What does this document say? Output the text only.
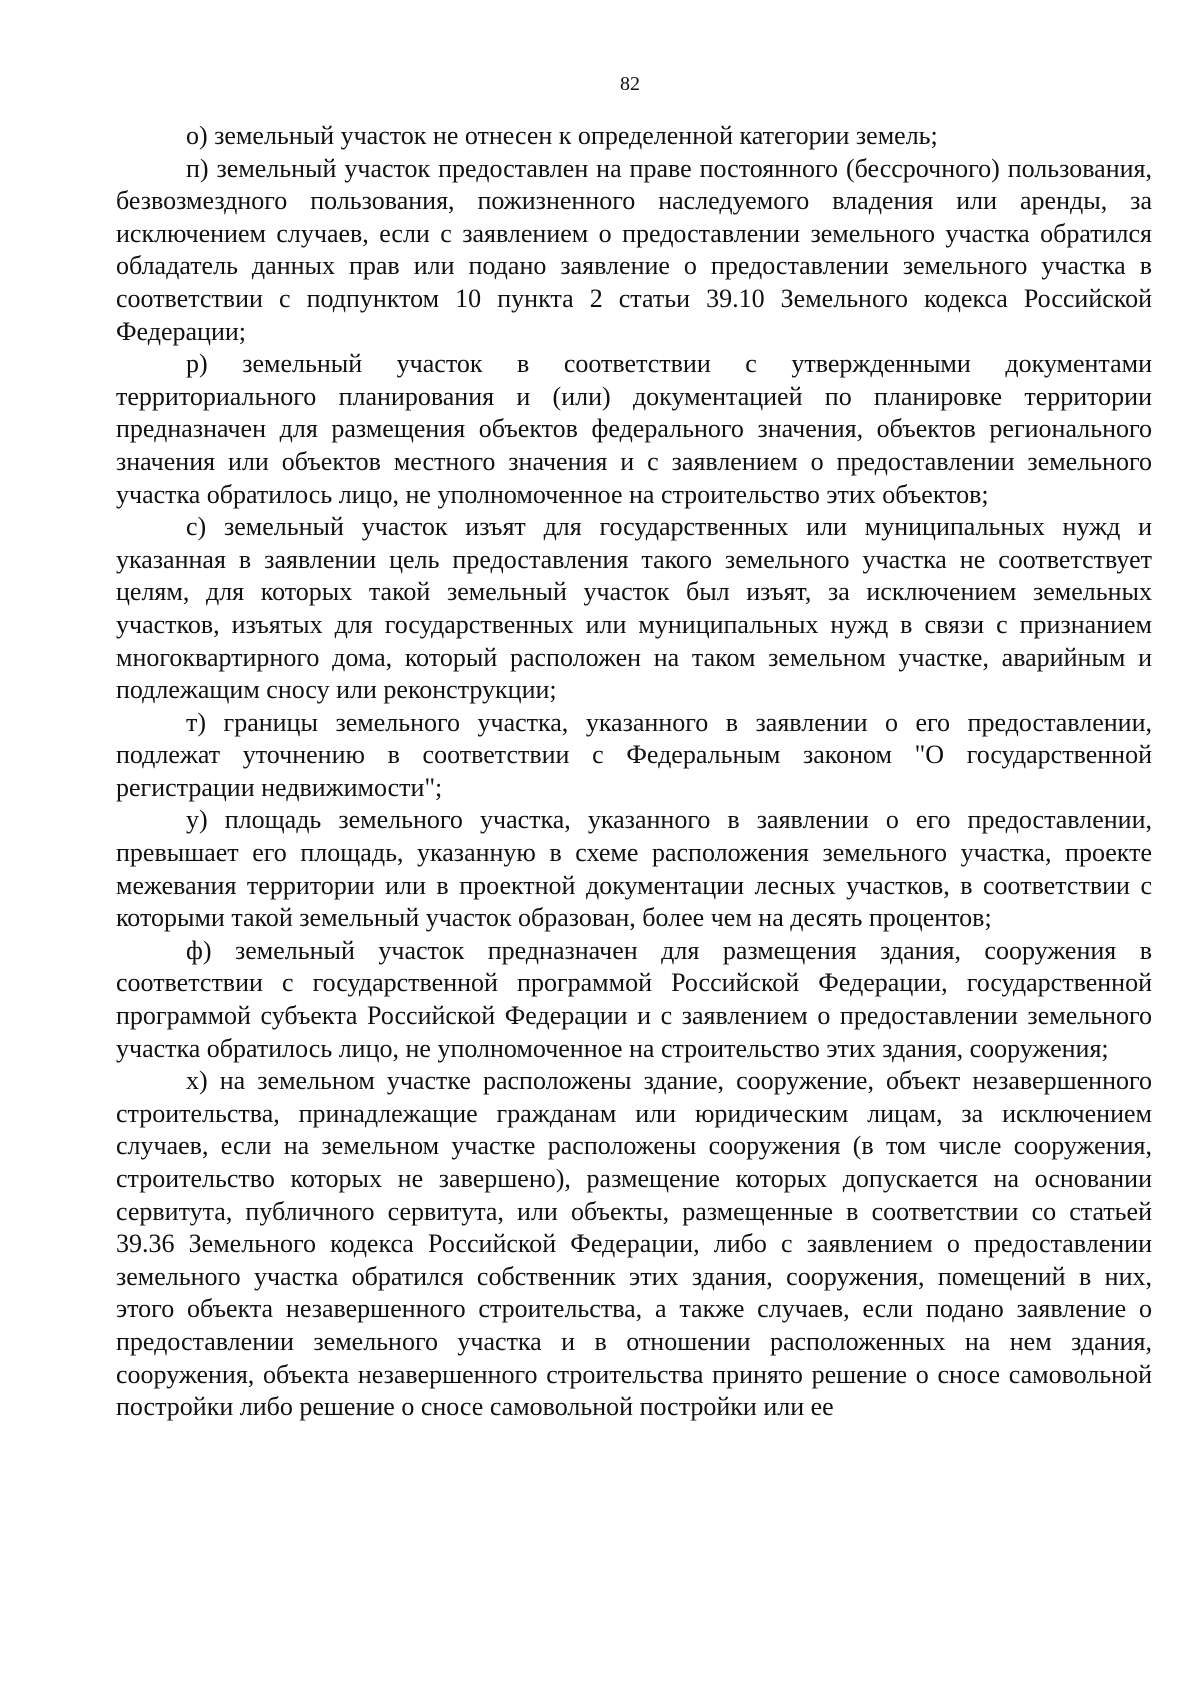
82

о) земельный участок не отнесен к определенной категории земель;

п) земельный участок предоставлен на праве постоянного (бессрочного) пользования, безвозмездного пользования, пожизненного наследуемого владения или аренды, за исключением случаев, если с заявлением о предоставлении земельного участка обратился обладатель данных прав или подано заявление о предоставлении земельного участка в соответствии с подпунктом 10 пункта 2 статьи 39.10 Земельного кодекса Российской Федерации;

р) земельный участок в соответствии с утвержденными документами территориального планирования и (или) документацией по планировке территории предназначен для размещения объектов федерального значения, объектов регионального значения или объектов местного значения и с заявлением о предоставлении земельного участка обратилось лицо, не уполномоченное на строительство этих объектов;

с) земельный участок изъят для государственных или муниципальных нужд и указанная в заявлении цель предоставления такого земельного участка не соответствует целям, для которых такой земельный участок был изъят, за исключением земельных участков, изъятых для государственных или муниципальных нужд в связи с признанием многоквартирного дома, который расположен на таком земельном участке, аварийным и подлежащим сносу или реконструкции;

т) границы земельного участка, указанного в заявлении о его предоставлении, подлежат уточнению в соответствии с Федеральным законом "О государственной регистрации недвижимости";

у) площадь земельного участка, указанного в заявлении о его предоставлении, превышает его площадь, указанную в схеме расположения земельного участка, проекте межевания территории или в проектной документации лесных участков, в соответствии с которыми такой земельный участок образован, более чем на десять процентов;

ф) земельный участок предназначен для размещения здания, сооружения в соответствии с государственной программой Российской Федерации, государственной программой субъекта Российской Федерации и с заявлением о предоставлении земельного участка обратилось лицо, не уполномоченное на строительство этих здания, сооружения;

х) на земельном участке расположены здание, сооружение, объект незавершенного строительства, принадлежащие гражданам или юридическим лицам, за исключением случаев, если на земельном участке расположены сооружения (в том числе сооружения, строительство которых не завершено), размещение которых допускается на основании сервитута, публичного сервитута, или объекты, размещенные в соответствии со статьей 39.36 Земельного кодекса Российской Федерации, либо с заявлением о предоставлении земельного участка обратился собственник этих здания, сооружения, помещений в них, этого объекта незавершенного строительства, а также случаев, если подано заявление о предоставлении земельного участка и в отношении расположенных на нем здания, сооружения, объекта незавершенного строительства принято решение о сносе самовольной постройки либо решение о сносе самовольной постройки или ее
